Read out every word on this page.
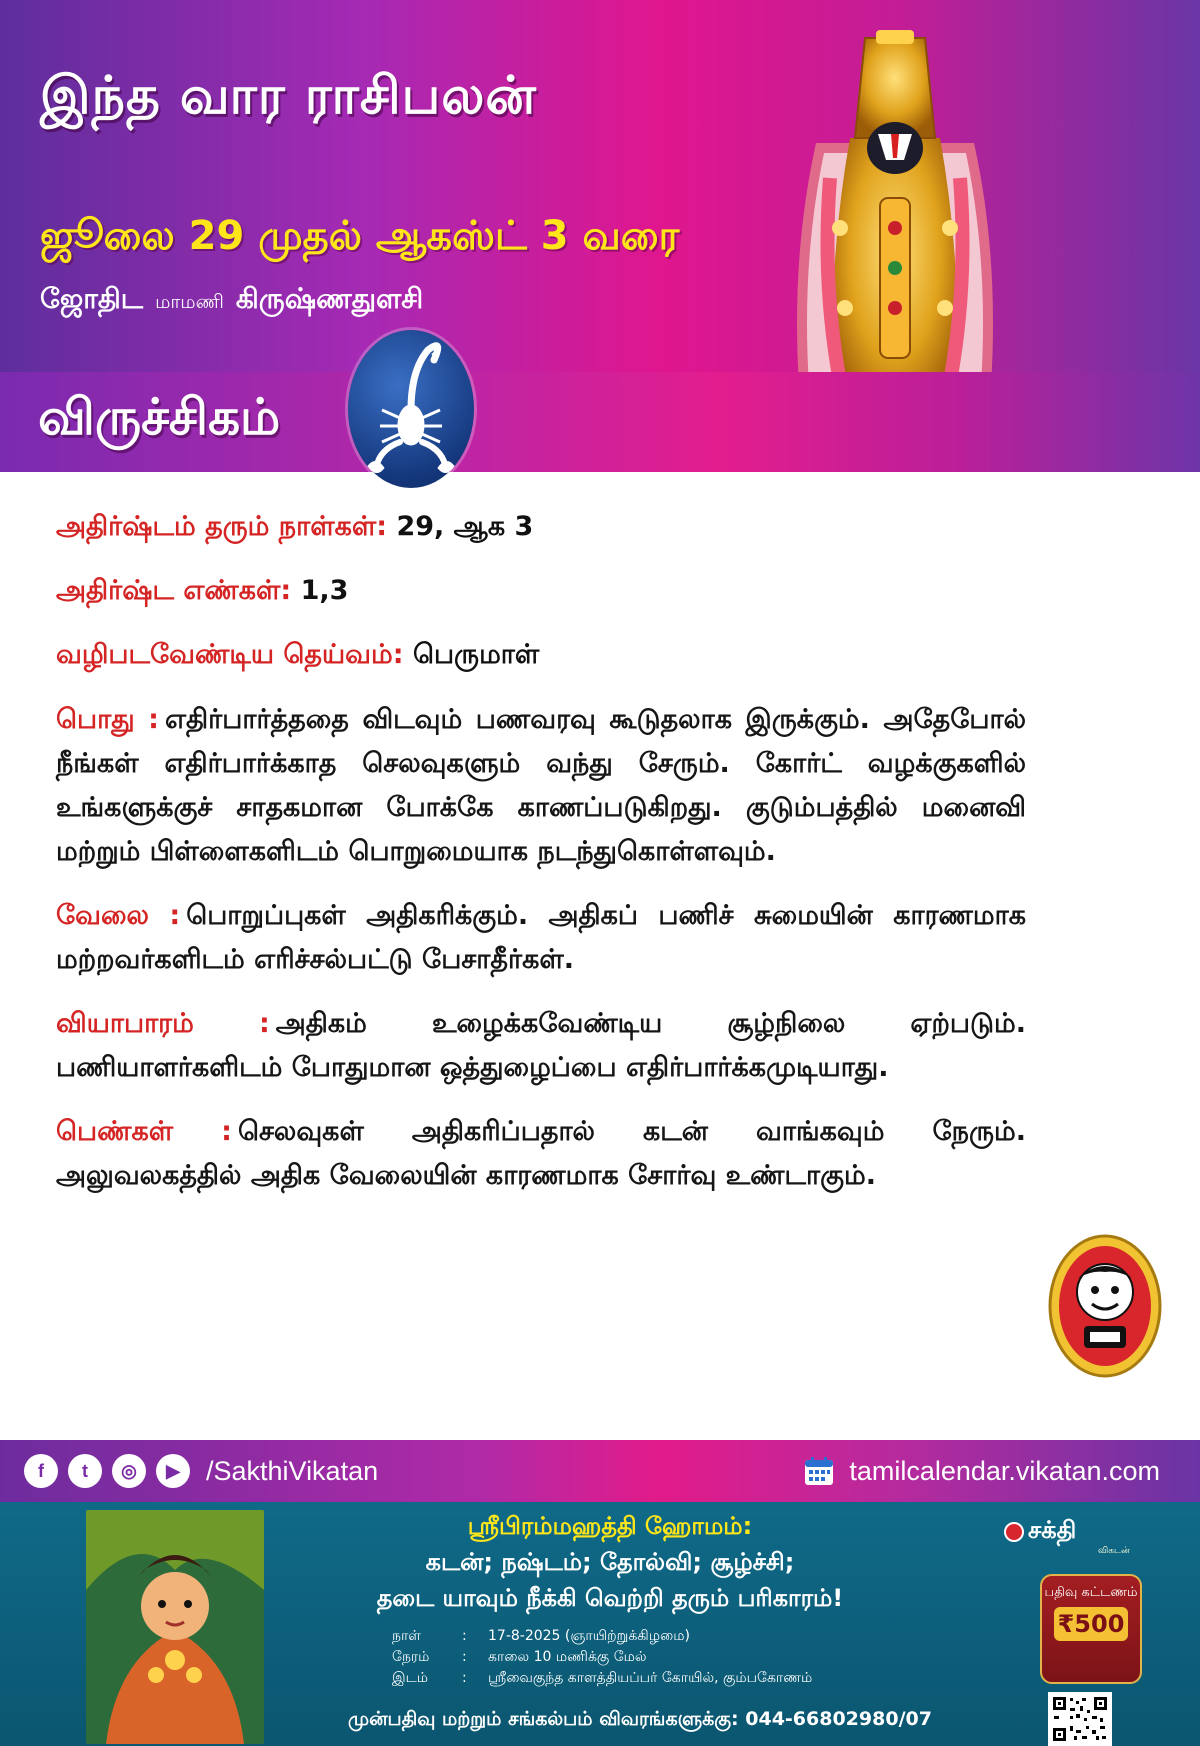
இந்த வார ராசிபலன்
ஜூலை 29 முதல் ஆகஸ்ட் 3 வரை
ஜோதிட மாமணி கிருஷ்ணதுளசி
விருச்சிகம்
அதிர்ஷ்டம் தரும் நாள்கள்: 29, ஆக 3
அதிர்ஷ்ட எண்கள்: 1,3
வழிபடவேண்டிய தெய்வம்: பெருமாள்

பொது : எதிர்பார்த்ததை விடவும் பணவரவு கூடுதலாக இருக்கும். அதேபோல் நீங்கள் எதிர்பார்க்காத செலவுகளும் வந்து சேரும். கோர்ட் வழக்குகளில் உங்களுக்குச் சாதகமான போக்கே காணப்படுகிறது. குடும்பத்தில் மனைவி மற்றும் பிள்ளைகளிடம் பொறுமையாக நடந்துகொள்ளவும்.

வேலை : பொறுப்புகள் அதிகரிக்கும். அதிகப் பணிச் சுமையின் காரணமாக மற்றவர்களிடம் எரிச்சல்பட்டு பேசாதீர்கள்.

வியாபாரம் : அதிகம் உழைக்கவேண்டிய சூழ்நிலை ஏற்படும். பணியாளர்களிடம் போதுமான ஒத்துழைப்பை எதிர்பார்க்கமுடியாது.

பெண்கள் : செலவுகள் அதிகரிப்பதால் கடன் வாங்கவும் நேரும். அலுவலகத்தில் அதிக வேலையின் காரணமாக சோர்வு உண்டாகும்.

f	t	◎	▶ /SakthiVikatan	tamilcalendar.vikatan.com
ஸ்ரீபிரம்மஹத்தி ஹோமம்:
கடன்; நஷ்டம்; தோல்வி; சூழ்ச்சி;
தடை யாவும் நீக்கி வெற்றி தரும் பரிகாரம்!
நாள்	:	17-8-2025 (ஞாயிற்றுக்கிழமை)
நேரம்	:	காலை 10 மணிக்கு மேல்
இடம்	:	ஸ்ரீவைகுந்த காளத்தியப்பர் கோயில், கும்பகோணம்
முன்பதிவு மற்றும் சங்கல்பம் விவரங்களுக்கு: 044-66802980/07
சக்தி
விகடன்
பதிவு கட்டணம்
₹500
